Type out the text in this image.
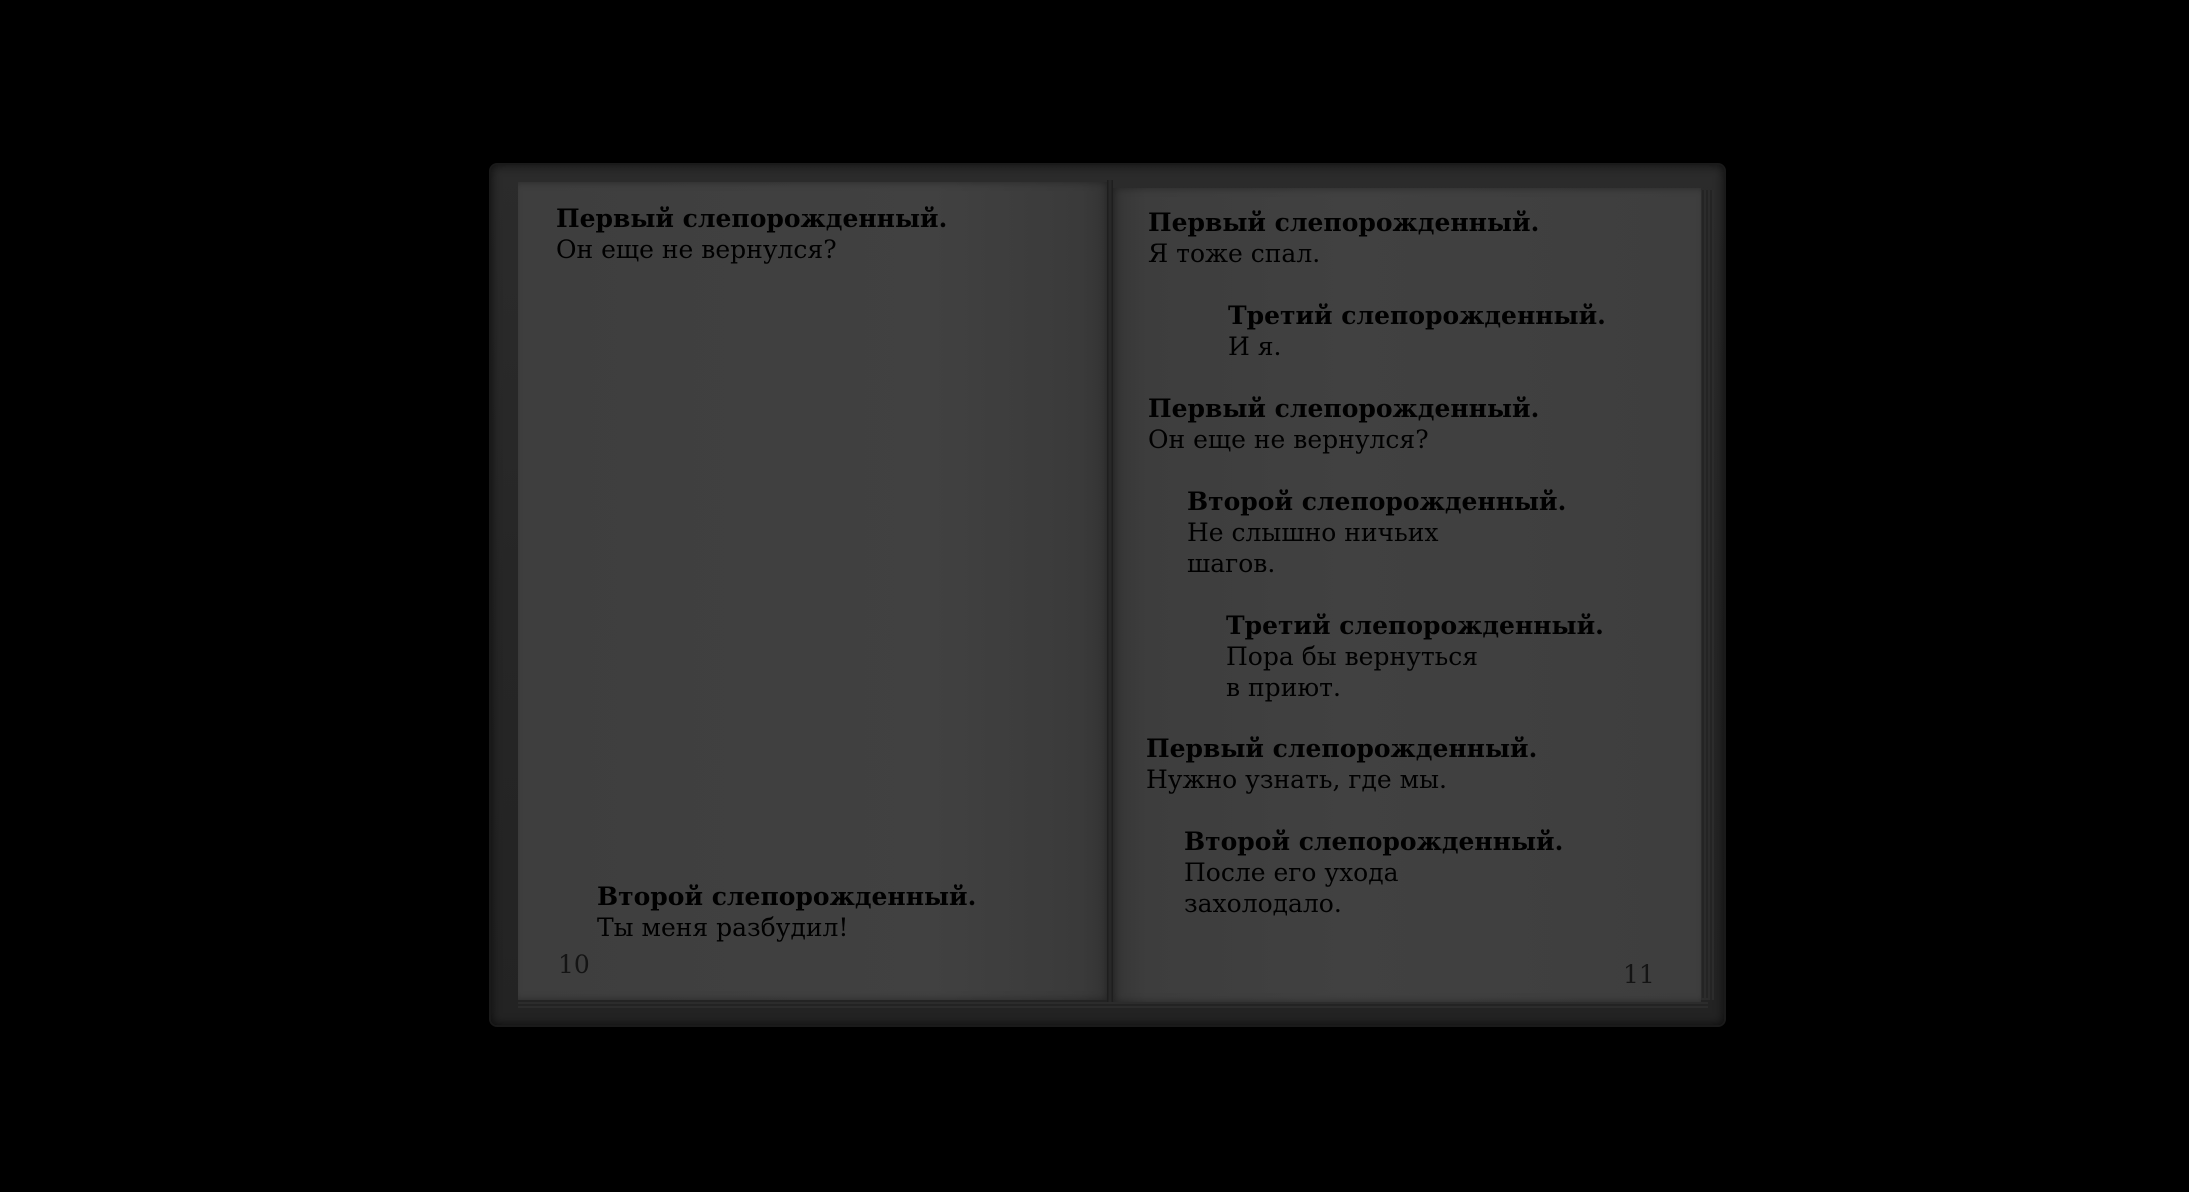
Первый слепорожденный.
Он еще не вернулся?
Второй слепорожденный.
Ты меня разбудил!
10
Первый слепорожденный.
Я тоже спал.
Третий слепорожденный.
И я.
Первый слепорожденный.
Он еще не вернулся?
Второй слепорожденный.
Не слышно ничьих
шагов.
Третий слепорожденный.
Пора бы вернуться
в приют.
Первый слепорожденный.
Нужно узнать, где мы.
Второй слепорожденный.
После его ухода
захолодало.
11
